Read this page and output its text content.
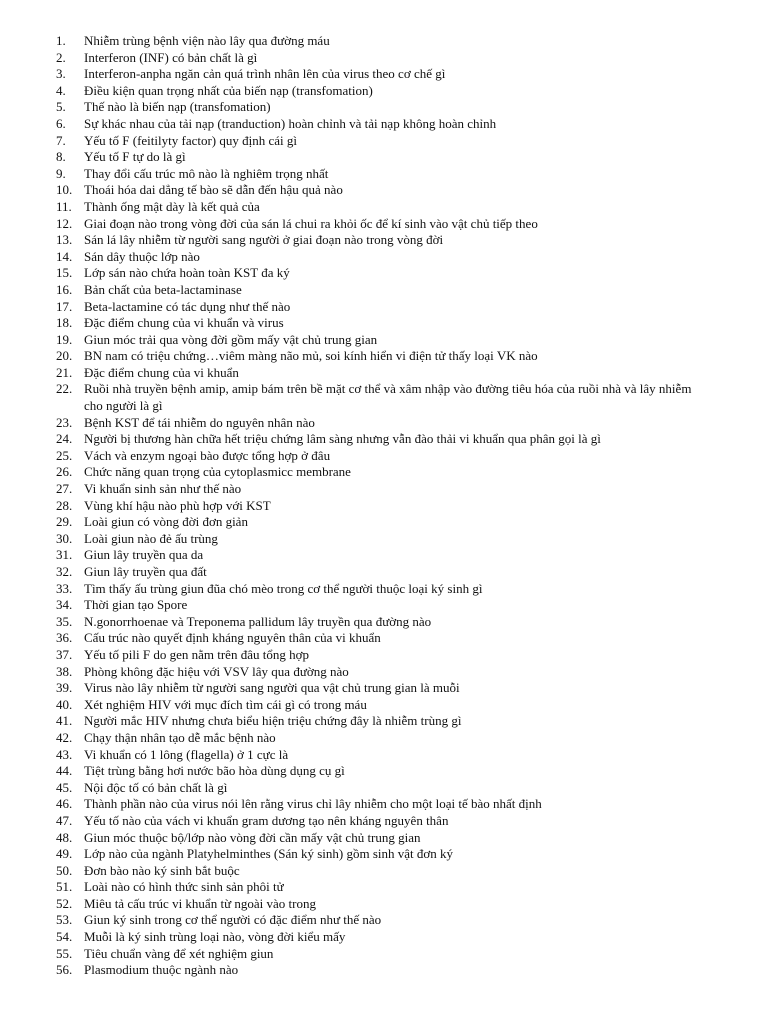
1.	Nhiễm trùng bệnh viện nào lây qua đường máu
2.	Interferon (INF) có bản chất là gì
3.	Interferon-anpha ngăn cản quá trình nhân lên của virus theo cơ chế gì
4.	Điều kiện quan trọng nhất của biến nạp (transfomation)
5.	Thế nào là biến nạp (transfomation)
6.	Sự khác nhau của tải nạp (tranduction) hoàn chỉnh và tải nạp không hoàn chỉnh
7.	Yếu tố F (feitilyty factor) quy định cái gì
8.	Yếu tố F tự do là gì
9.	Thay đổi cấu trúc mô nào là nghiêm trọng nhất
10. Thoái hóa dai dẳng tế bào sẽ dẫn đến hậu quả nào
11. Thành ống mật dày là kết quả của
12. Giai đoạn nào trong vòng đời của sán lá chui ra khỏi ốc để kí sinh vào vật chủ tiếp theo
13. Sán lá lây nhiễm từ người sang người ở giai đoạn nào trong vòng đời
14. Sán dây thuộc lớp nào
15. Lớp sán nào chứa hoàn toàn KST đa ký
16. Bản chất của beta-lactaminase
17. Beta-lactamine có tác dụng như thế nào
18. Đặc điểm chung của vi khuẩn và virus
19. Giun móc trải qua vòng đời gồm mấy vật chủ trung gian
20. BN nam có triệu chứng…viêm màng não mủ, soi kính hiển vi điện tử thấy loại VK nào
21. Đặc điểm chung của vi khuẩn
22. Ruồi nhà truyền bệnh amip, amip bám trên bề mặt cơ thể và xâm nhập vào đường tiêu hóa của ruồi nhà và lây nhiễm cho người là gì
23. Bệnh KST để tái nhiễm do nguyên nhân nào
24. Người bị thương hàn chữa hết triệu chứng lâm sàng nhưng vẫn đào thải vi khuẩn qua phân gọi là gì
25. Vách và enzym ngoại bào được tổng hợp ở đâu
26. Chức năng quan trọng của cytoplasmicc membrane
27. Vi khuẩn sinh sản như thế nào
28. Vùng khí hậu nào phù hợp với KST
29. Loài giun có vòng đời đơn giản
30. Loài giun nào đẻ ấu trùng
31. Giun lây truyền qua da
32. Giun lây truyền qua đất
33. Tìm thấy ấu trùng giun đũa chó mèo trong cơ thể người thuộc loại ký sinh gì
34. Thời gian tạo Spore
35. N.gonorrhoenae và Treponema pallidum lây truyền qua đường nào
36. Cấu trúc nào quyết định kháng nguyên thân của vi khuẩn
37. Yếu tố pili F do gen nằm trên đâu tổng hợp
38. Phòng không đặc hiệu với VSV lây qua đường nào
39. Virus nào lây nhiễm từ người sang người qua vật chủ trung gian là muỗi
40. Xét nghiệm HIV với mục đích tìm cái gì có trong máu
41. Người mắc HIV nhưng chưa biểu hiện triệu chứng đây là nhiễm trùng gì
42. Chạy thận nhân tạo dễ mắc bệnh nào
43. Vi khuẩn có 1 lông (flagella) ở 1 cực là
44. Tiệt trùng bằng hơi nước bão hòa dùng dụng cụ gì
45. Nội độc tố có bản chất là gì
46. Thành phần nào của virus nói lên rằng virus chỉ lây nhiễm cho một loại tế bào nhất định
47. Yếu tố nào của vách vi khuẩn gram dương tạo nên kháng nguyên thân
48. Giun móc thuộc bộ/lớp nào vòng đời cần mấy vật chủ trung gian
49. Lớp nào của ngành Platyhelminthes (Sán ký sinh) gồm sinh vật đơn ký
50. Đơn bào nào ký sinh bắt buộc
51. Loài nào có hình thức sinh sản phôi tử
52. Miêu tả cấu trúc vi khuẩn từ ngoài vào trong
53. Giun ký sinh trong cơ thể người có đặc điểm như thế nào
54. Muỗi là ký sinh trùng loại nào, vòng đời kiểu mấy
55. Tiêu chuẩn vàng để xét nghiệm giun
56. Plasmodium thuộc ngành nào
